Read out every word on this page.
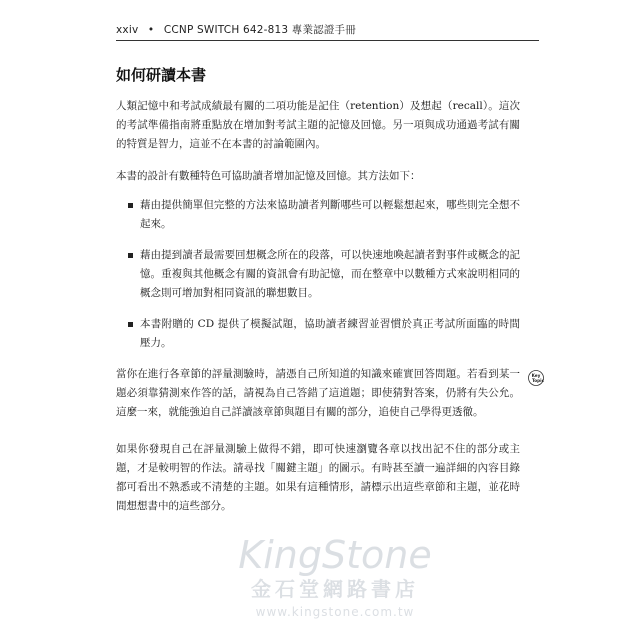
xxiv • CCNP SWITCH 642-813 專業認證手冊
如何研讀本書

人類記憶中和考試成績最有關的二項功能是記住（retention）及想起（recall）。這次的考試準備指南將重點放在增加對考試主題的記憶及回憶。另一項與成功通過考試有關的特質是智力，這並不在本書的討論範圍內。

本書的設計有數種特色可協助讀者增加記憶及回憶。其方法如下：

藉由提供簡單但完整的方法來協助讀者判斷哪些可以輕鬆想起來，哪些則完全想不起來。
藉由提到讀者最需要回想概念所在的段落，可以快速地喚起讀者對事件或概念的記憶。重複與其他概念有關的資訊會有助記憶，而在整章中以數種方式來說明相同的概念則可增加對相同資訊的聯想數目。
本書附贈的 CD 提供了模擬試題，協助讀者練習並習慣於真正考試所面臨的時間壓力。

當你在進行各章節的評量測驗時，請憑自己所知道的知識來確實回答問題。若看到某一題必須靠猜測來作答的話，請視為自己答錯了這道題；即使猜對答案，仍將有失公允。這麼一來，就能強迫自己詳讀該章節與題目有關的部分，追使自己學得更透徹。

如果你發現自己在評量測驗上做得不錯，即可快速瀏覽各章以找出記不住的部分或主題，才是較明智的作法。請尋找「關鍵主題」的圖示。有時甚至讀一遍詳細的內容目錄都可看出不熟悉或不清楚的主題。如果有這種情形，請標示出這些章節和主題，並花時間想想書中的這些部分。

Key
Topic
KingStone
金石堂網路書店
www.kingstone.com.tw
